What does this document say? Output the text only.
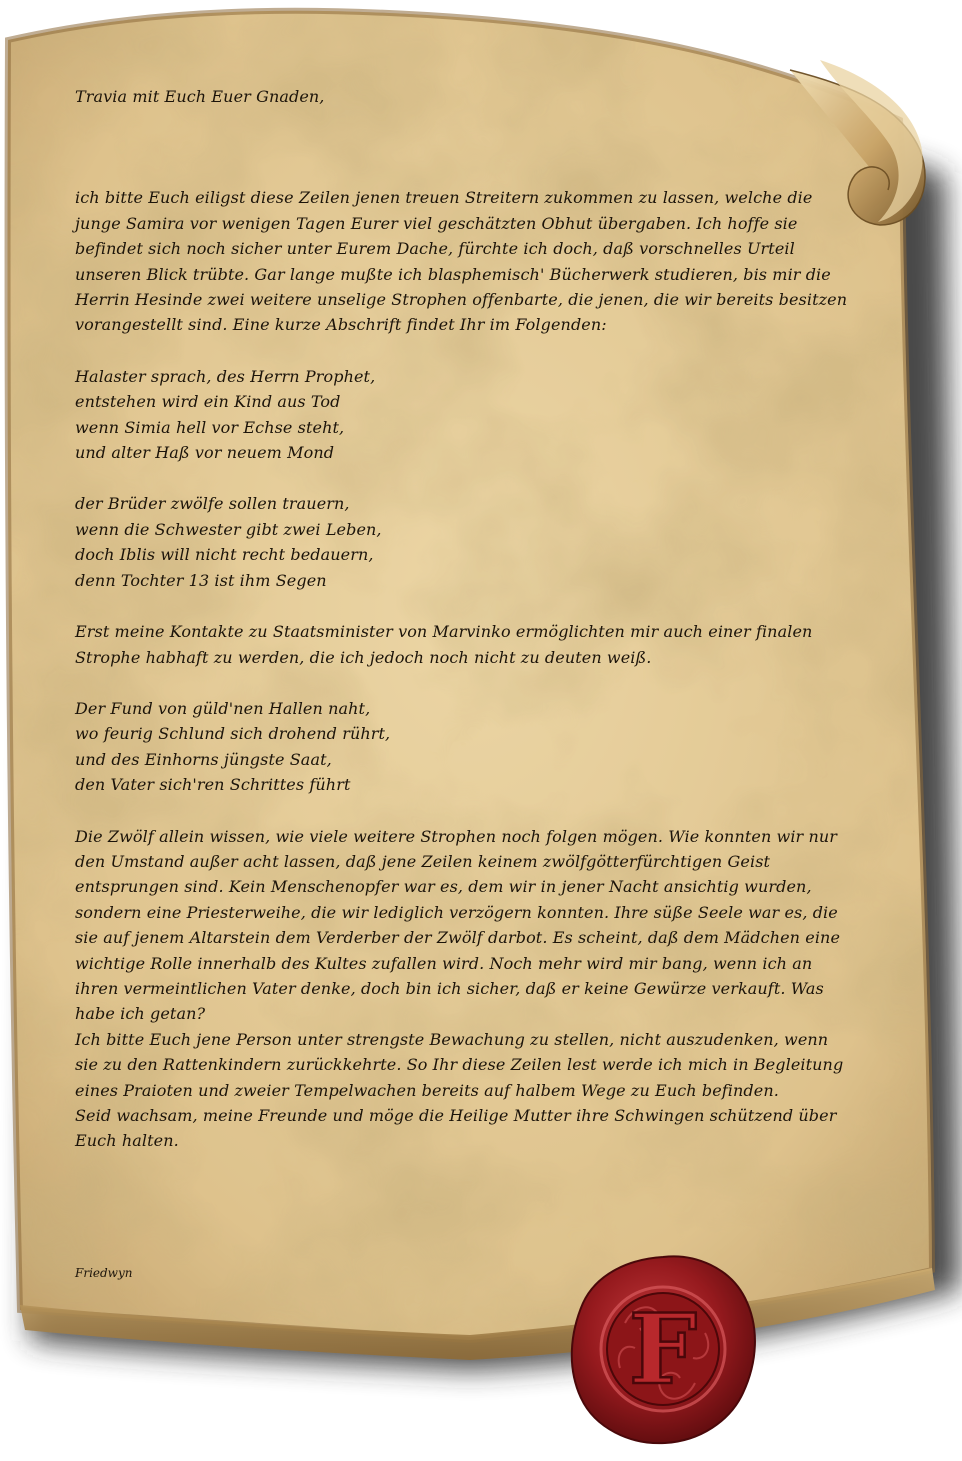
Travia mit Euch Euer Gnaden,

ich bitte Euch eiligst diese Zeilen jenen treuen Streitern zukommen zu lassen, welche die junge Samira vor wenigen Tagen Eurer viel geschätzten Obhut übergaben. Ich hoffe sie befindet sich noch sicher unter Eurem Dache, fürchte ich doch, daß vorschnelles Urteil unseren Blick trübte. Gar lange mußte ich blasphemisch' Bücherwerk studieren, bis mir die Herrin Hesinde zwei weitere unselige Strophen offenbarte, die jenen, die wir bereits besitzen vorangestellt sind. Eine kurze Abschrift findet Ihr im Folgenden:

Halaster sprach, des Herrn Prophet,
entstehen wird ein Kind aus Tod
wenn Simia hell vor Echse steht,
und alter Haß vor neuem Mond

der Brüder zwölfe sollen trauern,
wenn die Schwester gibt zwei Leben,
doch Iblis will nicht recht bedauern,
denn Tochter 13 ist ihm Segen

Erst meine Kontakte zu Staatsminister von Marvinko ermöglichten mir auch einer finalen Strophe habhaft zu werden, die ich jedoch noch nicht zu deuten weiß.

Der Fund von güld'nen Hallen naht,
wo feurig Schlund sich drohend rührt,
und des Einhorns jüngste Saat,
den Vater sich'ren Schrittes führt

Die Zwölf allein wissen, wie viele weitere Strophen noch folgen mögen. Wie konnten wir nur den Umstand außer acht lassen, daß jene Zeilen keinem zwölfgötterfürchtigen Geist entsprungen sind. Kein Menschenopfer war es, dem wir in jener Nacht ansichtig wurden, sondern eine Priesterweihe, die wir lediglich verzögern konnten. Ihre süße Seele war es, die sie auf jenem Altarstein dem Verderber der Zwölf darbot. Es scheint, daß dem Mädchen eine wichtige Rolle innerhalb des Kultes zufallen wird. Noch mehr wird mir bang, wenn ich an ihren vermeintlichen Vater denke, doch bin ich sicher, daß er keine Gewürze verkauft. Was habe ich getan?

Ich bitte Euch jene Person unter strengste Bewachung zu stellen, nicht auszudenken, wenn sie zu den Rattenkindern zurückkehrte. So Ihr diese Zeilen lest werde ich mich in Begleitung eines Praioten und zweier Tempelwachen bereits auf halbem Wege zu Euch befinden.

Seid wachsam, meine Freunde und möge die Heilige Mutter ihre Schwingen schützend über Euch halten.

Friedwyn
F
